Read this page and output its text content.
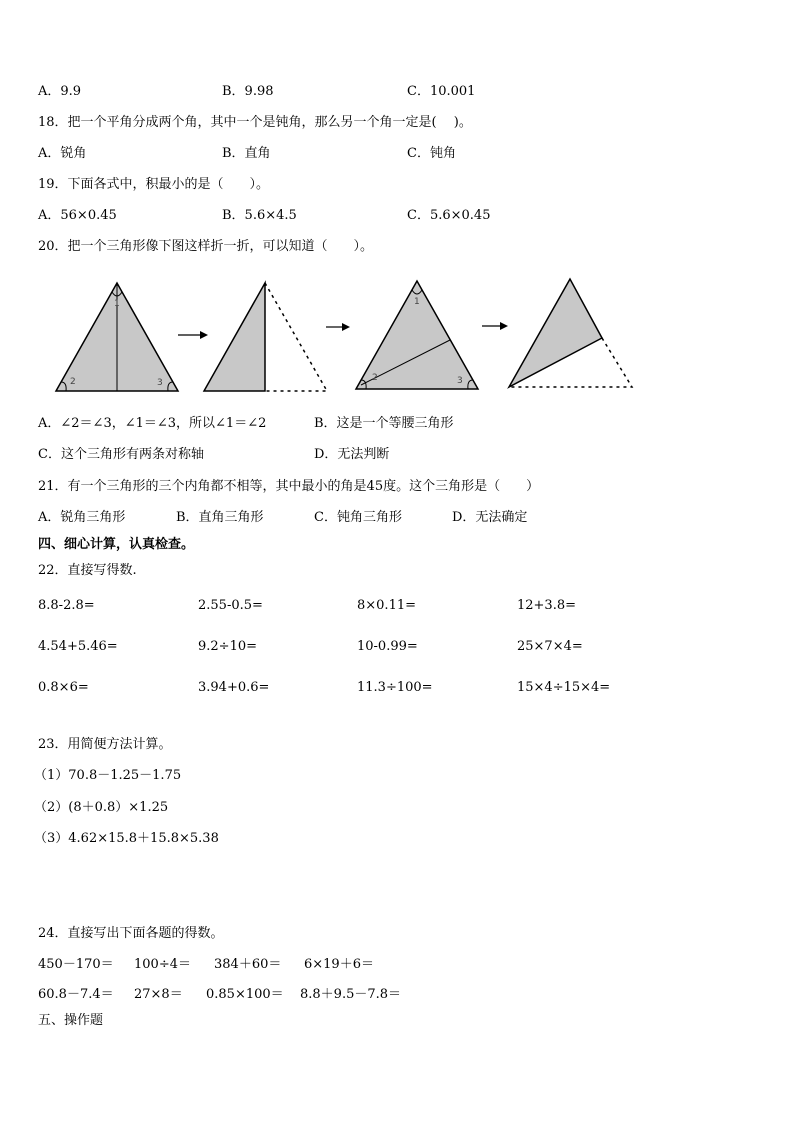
A．9.9	B．9.98	C．10.001
18．把一个平角分成两个角，其中一个是钝角，那么另一个角一定是(　 )。
A．锐角	B．直角	C．钝角
19．下面各式中，积最小的是（　　）。
A．56×0.45	B．5.6×4.5	C．5.6×0.45
20．把一个三角形像下图这样折一折，可以知道（　　）。
1
2	3
1
2	3
A．∠2＝∠3，∠1＝∠3，所以∠1＝∠2	B．这是一个等腰三角形
C．这个三角形有两条对称轴	D．无法判断
21．有一个三角形的三个内角都不相等，其中最小的角是45度。这个三角形是（　　）
A．锐角三角形	B．直角三角形	C．钝角三角形	D．无法确定
四、细心计算，认真检查。
22．直接写得数.
8.8-2.8=	2.55-0.5=	8×0.11=	12+3.8=
4.54+5.46=	9.2÷10=	10-0.99=	25×7×4=
0.8×6=	3.94+0.6=	11.3÷100=	15×4÷15×4=
23．用简便方法计算。
（1）70.8－1.25－1.75
（2）(8＋0.8）×1.25
（3）4.62×15.8＋15.8×5.38
24．直接写出下面各题的得数。
450－170＝ 100÷4＝ 384＋60＝ 6×19＋6＝
60.8－7.4＝ 27×8＝ 0.85×100＝ 8.8＋9.5－7.8＝
五、操作题
